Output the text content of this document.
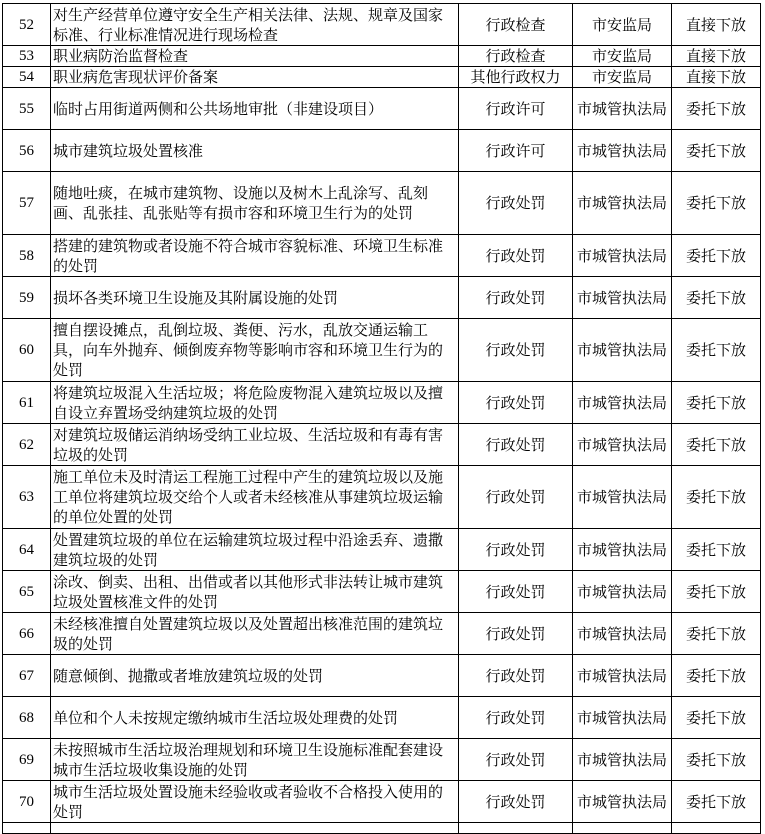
52	对生产经营单位遵守安全生产相关法律、法规、规章及国家标准、行业标准情况进行现场检查	行政检查	市安监局	直接下放
53	职业病防治监督检查	行政检查	市安监局	直接下放
54	职业病危害现状评价备案	其他行政权力	市安监局	直接下放
55	临时占用街道两侧和公共场地审批（非建设项目）	行政许可	市城管执法局	委托下放
56	城市建筑垃圾处置核准	行政许可	市城管执法局	委托下放
57	随地吐痰，在城市建筑物、设施以及树木上乱涂写、乱刻画、乱张挂、乱张贴等有损市容和环境卫生行为的处罚	行政处罚	市城管执法局	委托下放
58	搭建的建筑物或者设施不符合城市容貌标准、环境卫生标准的处罚	行政处罚	市城管执法局	委托下放
59	损坏各类环境卫生设施及其附属设施的处罚	行政处罚	市城管执法局	委托下放
60	擅自摆设摊点，乱倒垃圾、粪便、污水，乱放交通运输工具，向车外抛弃、倾倒废弃物等影响市容和环境卫生行为的处罚	行政处罚	市城管执法局	委托下放
61	将建筑垃圾混入生活垃圾；将危险废物混入建筑垃圾以及擅自设立弃置场受纳建筑垃圾的处罚	行政处罚	市城管执法局	委托下放
62	对建筑垃圾储运消纳场受纳工业垃圾、生活垃圾和有毒有害垃圾的处罚	行政处罚	市城管执法局	委托下放
63	施工单位未及时清运工程施工过程中产生的建筑垃圾以及施工单位将建筑垃圾交给个人或者未经核准从事建筑垃圾运输的单位处置的处罚	行政处罚	市城管执法局	委托下放
64	处置建筑垃圾的单位在运输建筑垃圾过程中沿途丢弃、遗撒建筑垃圾的处罚	行政处罚	市城管执法局	委托下放
65	涂改、倒卖、出租、出借或者以其他形式非法转让城市建筑垃圾处置核准文件的处罚	行政处罚	市城管执法局	委托下放
66	未经核准擅自处置建筑垃圾以及处置超出核准范围的建筑垃圾的处罚	行政处罚	市城管执法局	委托下放
67	随意倾倒、抛撒或者堆放建筑垃圾的处罚	行政处罚	市城管执法局	委托下放
68	单位和个人未按规定缴纳城市生活垃圾处理费的处罚	行政处罚	市城管执法局	委托下放
69	未按照城市生活垃圾治理规划和环境卫生设施标准配套建设城市生活垃圾收集设施的处罚	行政处罚	市城管执法局	委托下放
70	城市生活垃圾处置设施未经验收或者验收不合格投入使用的处罚	行政处罚	市城管执法局	委托下放
